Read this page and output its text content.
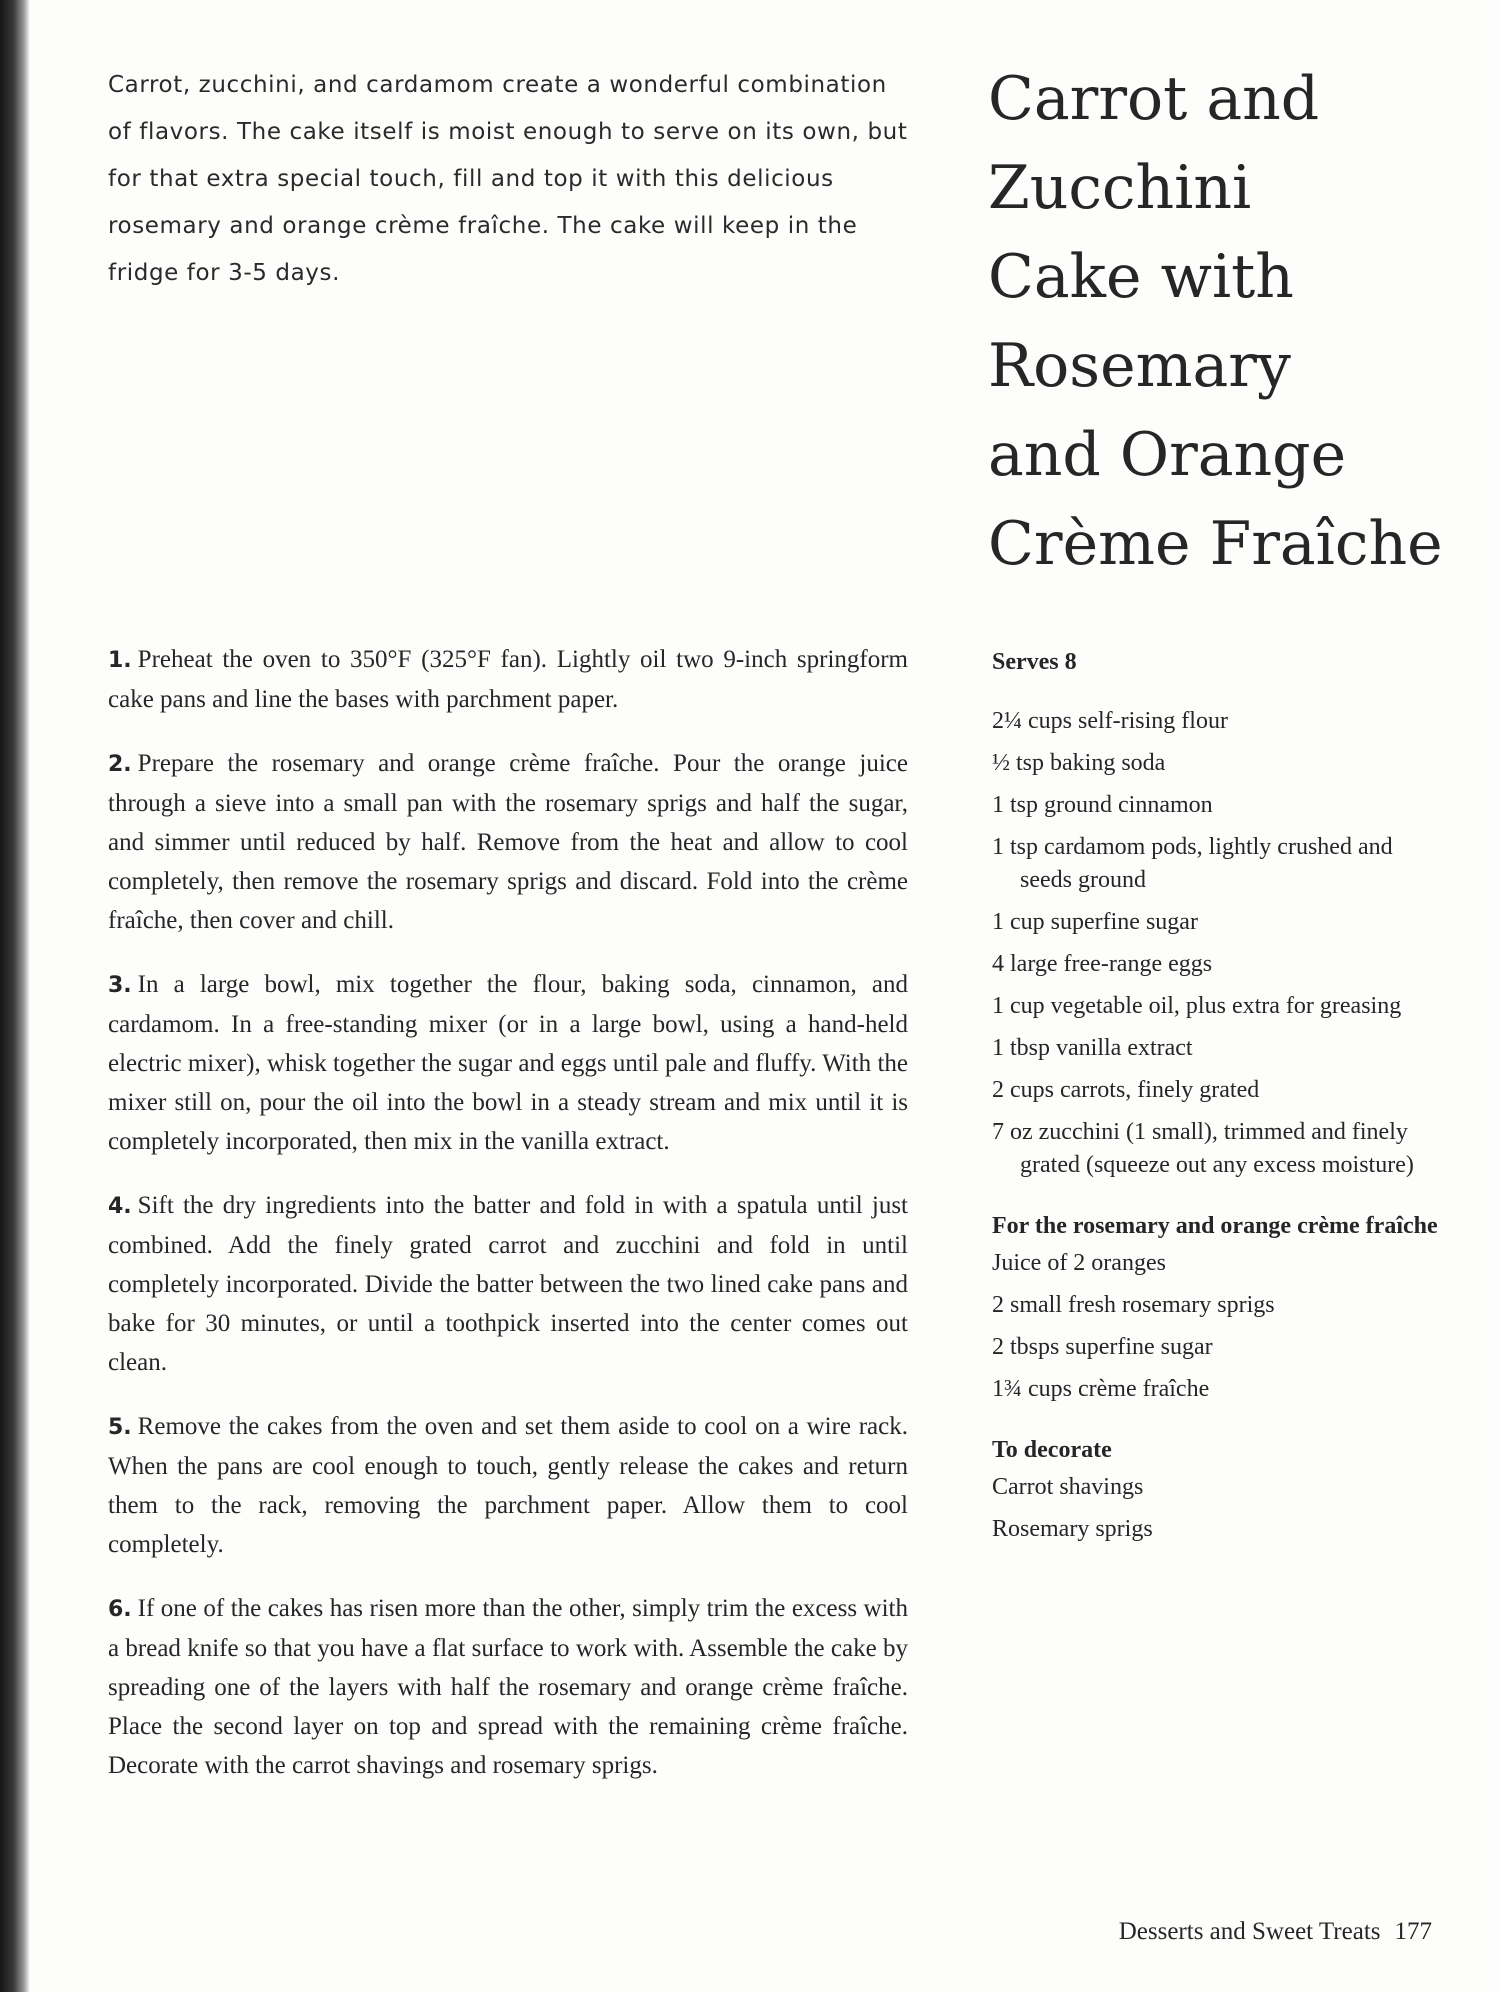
Carrot, zucchini, and cardamom create a wonderful combination of flavors. The cake itself is moist enough to serve on its own, but for that extra special touch, fill and top it with this delicious rosemary and orange crème fraîche. The cake will keep in the fridge for 3-5 days.

Carrot and
Zucchini
Cake with
Rosemary
and Orange
Crème Fraîche
1. Preheat the oven to 350°F (325°F fan). Lightly oil two 9-inch springform cake pans and line the bases with parchment paper.
2. Prepare the rosemary and orange crème fraîche. Pour the orange juice through a sieve into a small pan with the rosemary sprigs and half the sugar, and simmer until reduced by half. Remove from the heat and allow to cool completely, then remove the rosemary sprigs and discard. Fold into the crème fraîche, then cover and chill.
3. In a large bowl, mix together the flour, baking soda, cinnamon, and cardamom. In a free-standing mixer (or in a large bowl, using a hand-held electric mixer), whisk together the sugar and eggs until pale and fluffy. With the mixer still on, pour the oil into the bowl in a steady stream and mix until it is completely incorporated, then mix in the vanilla extract.
4. Sift the dry ingredients into the batter and fold in with a spatula until just combined. Add the finely grated carrot and zucchini and fold in until completely incorporated. Divide the batter between the two lined cake pans and bake for 30 minutes, or until a toothpick inserted into the center comes out clean.
5. Remove the cakes from the oven and set them aside to cool on a wire rack. When the pans are cool enough to touch, gently release the cakes and return them to the rack, removing the parchment paper. Allow them to cool completely.
6. If one of the cakes has risen more than the other, simply trim the excess with a bread knife so that you have a flat surface to work with. Assemble the cake by spreading one of the layers with half the rosemary and orange crème fraîche. Place the second layer on top and spread with the remaining crème fraîche. Decorate with the carrot shavings and rosemary sprigs.
Serves 8
2¼ cups self-rising flour
½ tsp baking soda
1 tsp ground cinnamon
1 tsp cardamom pods, lightly crushed and seeds ground
1 cup superfine sugar
4 large free-range eggs
1 cup vegetable oil, plus extra for greasing
1 tbsp vanilla extract
2 cups carrots, finely grated
7 oz zucchini (1 small), trimmed and finely grated (squeeze out any excess moisture)
For the rosemary and orange crème fraîche
Juice of 2 oranges
2 small fresh rosemary sprigs
2 tbsps superfine sugar
1¾ cups crème fraîche
To decorate
Carrot shavings
Rosemary sprigs
Desserts and Sweet Treats 177
